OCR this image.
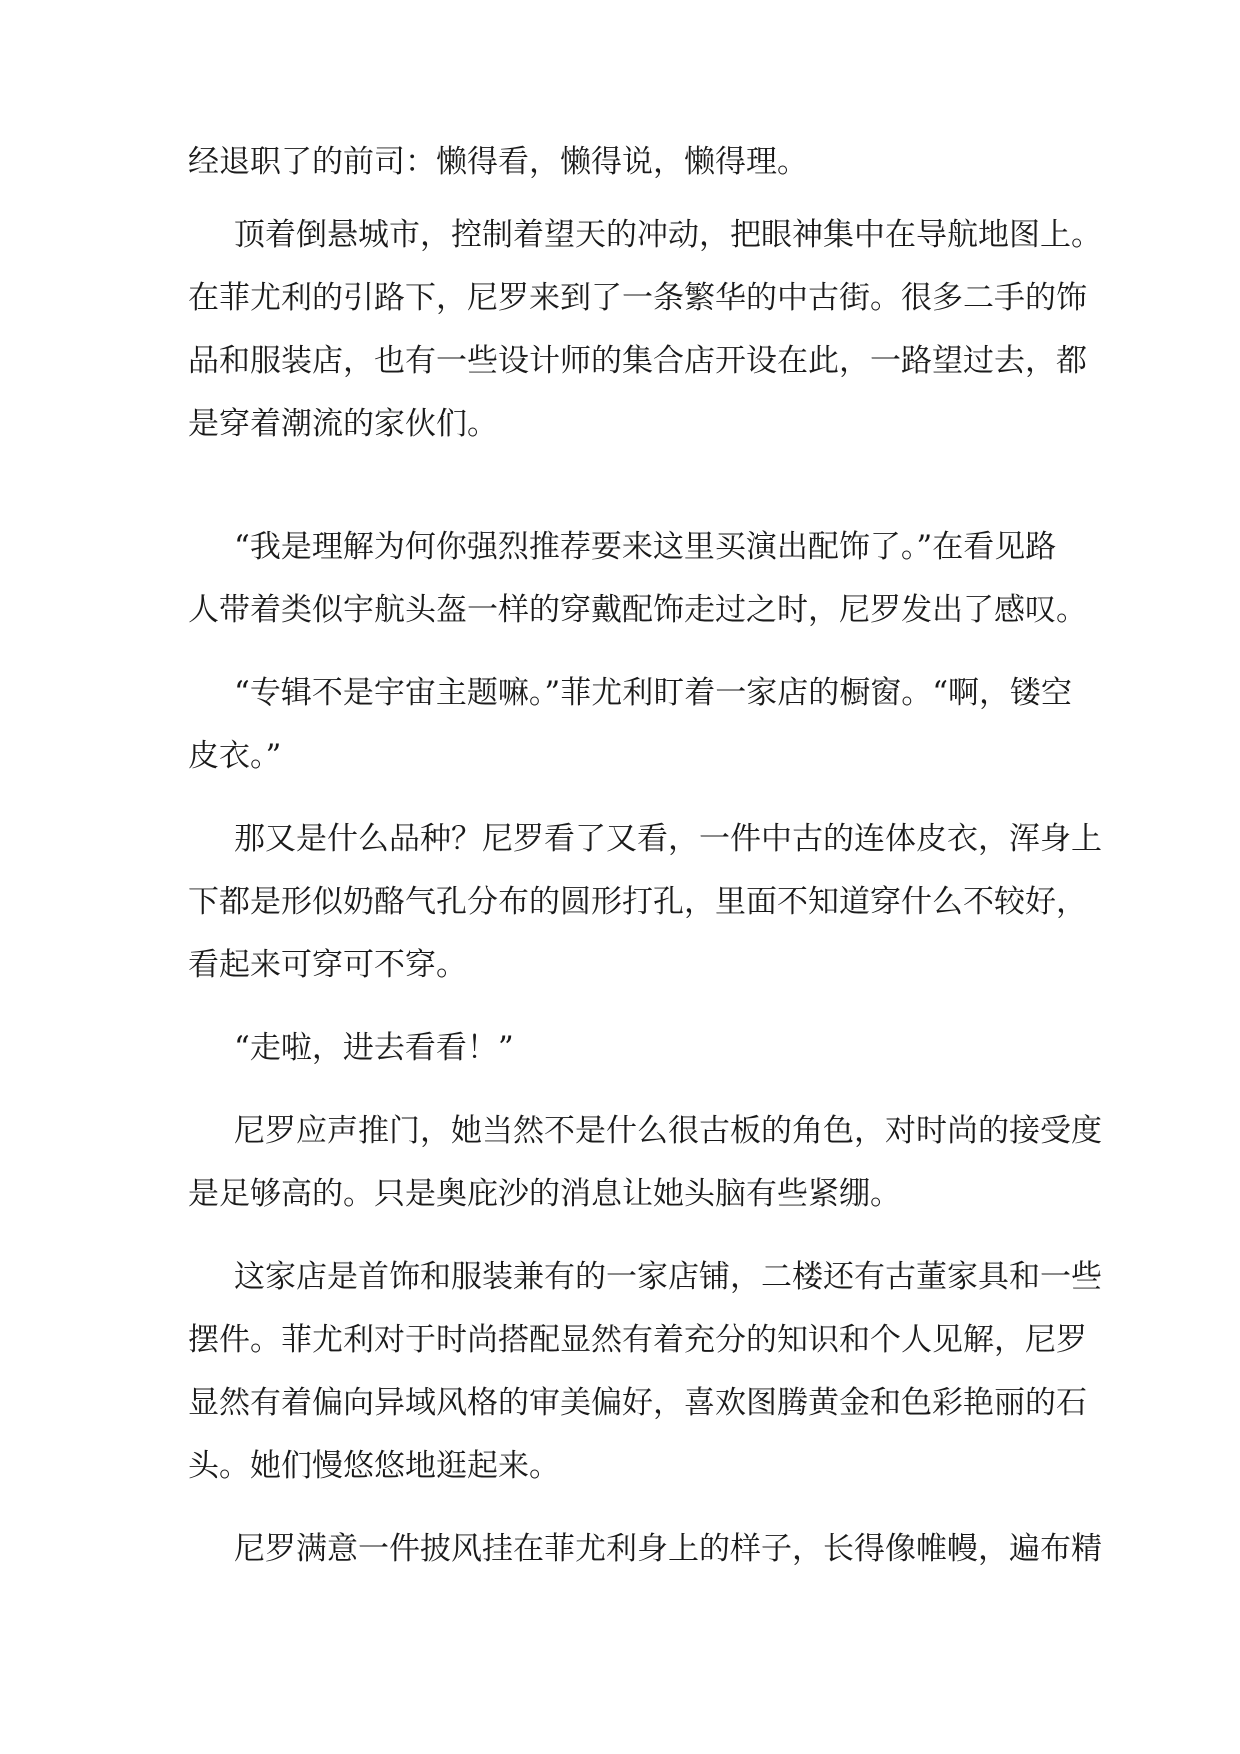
经退职了的前司：懒得看，懒得说，懒得理。
顶着倒悬城市，控制着望天的冲动，把眼神集中在导航地图上。
在菲尤利的引路下，尼罗来到了一条繁华的中古街。很多二手的饰
品和服装店，也有一些设计师的集合店开设在此，一路望过去，都
是穿着潮流的家伙们。
“我是理解为何你强烈推荐要来这里买演出配饰了。”在看见路
人带着类似宇航头盔一样的穿戴配饰走过之时，尼罗发出了感叹。
“专辑不是宇宙主题嘛。”菲尤利盯着一家店的橱窗。“啊，镂空
皮衣。”
那又是什么品种？尼罗看了又看，一件中古的连体皮衣，浑身上
下都是形似奶酪气孔分布的圆形打孔，里面不知道穿什么不较好，
看起来可穿可不穿。
“走啦，进去看看！”
尼罗应声推门，她当然不是什么很古板的角色，对时尚的接受度
是足够高的。只是奥庇沙的消息让她头脑有些紧绷。
这家店是首饰和服装兼有的一家店铺，二楼还有古董家具和一些
摆件。菲尤利对于时尚搭配显然有着充分的知识和个人见解，尼罗
显然有着偏向异域风格的审美偏好，喜欢图腾黄金和色彩艳丽的石
头。她们慢悠悠地逛起来。
尼罗满意一件披风挂在菲尤利身上的样子，长得像帷幔，遍布精
